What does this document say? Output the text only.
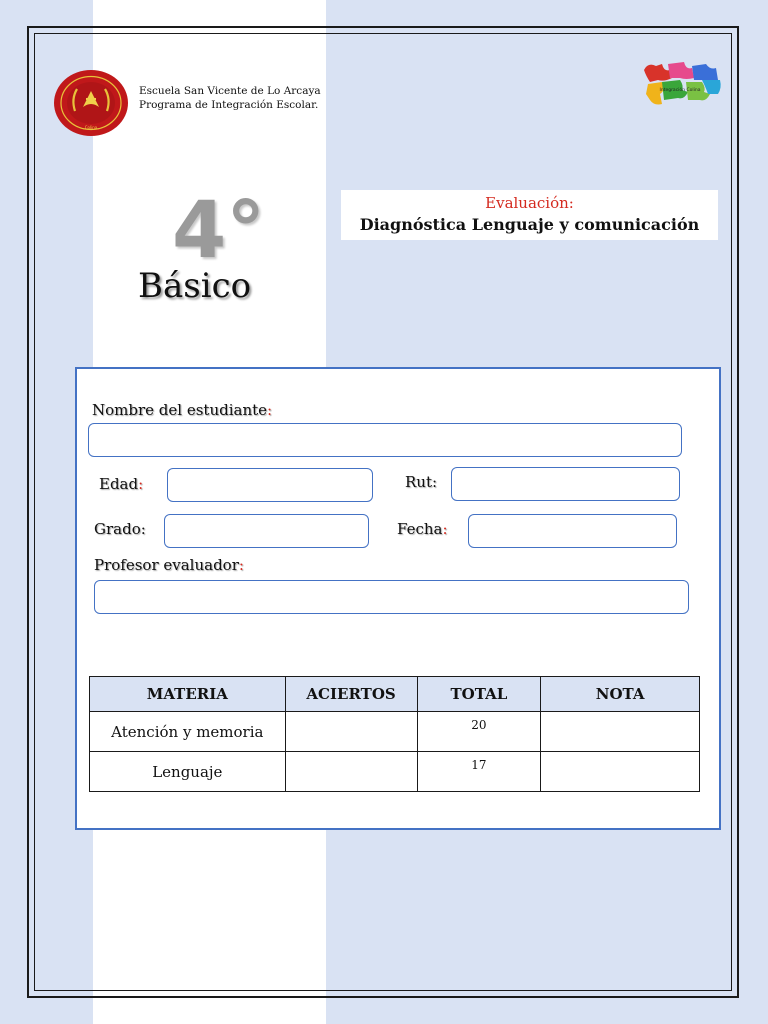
Colina
Escuela San Vicente de Lo Arcaya
Programa de Integración Escolar.
Integración Colina
Evaluación:
Diagnóstica Lenguaje y comunicación
4°
Básico
Nombre del estudiante:
Edad:	Rut:
Grado:	Fecha:
Profesor evaluador:
MATERIA	ACIERTOS	TOTAL	NOTA
Atención y memoria		20	
Lenguaje		17	
